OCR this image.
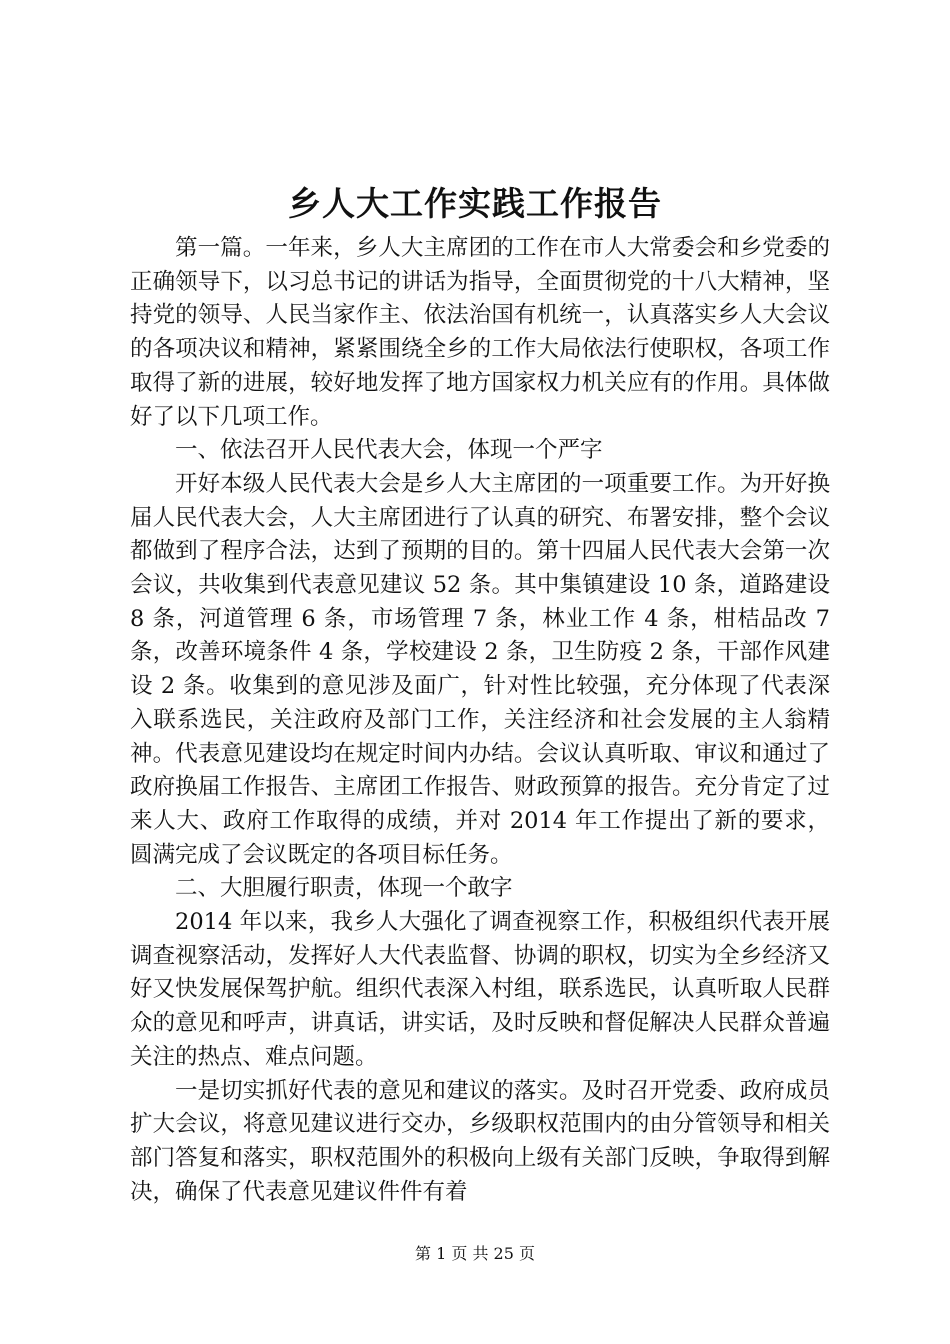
乡人大工作实践工作报告

第一篇。一年来，乡人大主席团的工作在市人大常委会和乡党委的正确领导下，以习总书记的讲话为指导，全面贯彻党的十八大精神，坚持党的领导、人民当家作主、依法治国有机统一，认真落实乡人大会议的各项决议和精神，紧紧围绕全乡的工作大局依法行使职权，各项工作取得了新的进展，较好地发挥了地方国家权力机关应有的作用。具体做好了以下几项工作。

一、依法召开人民代表大会，体现一个严字

开好本级人民代表大会是乡人大主席团的一项重要工作。为开好换届人民代表大会，人大主席团进行了认真的研究、布署安排，整个会议都做到了程序合法，达到了预期的目的。第十四届人民代表大会第一次会议，共收集到代表意见建议 52 条。其中集镇建设 10 条，道路建设 8 条，河道管理 6 条，市场管理 7 条，林业工作 4 条，柑桔品改 7 条，改善环境条件 4 条，学校建设 2 条，卫生防疫 2 条，干部作风建设 2 条。收集到的意见涉及面广，针对性比较强，充分体现了代表深入联系选民，关注政府及部门工作，关注经济和社会发展的主人翁精神。代表意见建设均在规定时间内办结。会议认真听取、审议和通过了政府换届工作报告、主席团工作报告、财政预算的报告。充分肯定了过来人大、政府工作取得的成绩，并对 2014 年工作提出了新的要求，圆满完成了会议既定的各项目标任务。

二、大胆履行职责，体现一个敢字

2014 年以来，我乡人大强化了调查视察工作，积极组织代表开展调查视察活动，发挥好人大代表监督、协调的职权，切实为全乡经济又好又快发展保驾护航。组织代表深入村组，联系选民，认真听取人民群众的意见和呼声，讲真话，讲实话，及时反映和督促解决人民群众普遍关注的热点、难点问题。

一是切实抓好代表的意见和建议的落实。及时召开党委、政府成员扩大会议，将意见建议进行交办，乡级职权范围内的由分管领导和相关部门答复和落实，职权范围外的积极向上级有关部门反映，争取得到解决，确保了代表意见建议件件有着

第 1 页 共 25 页
